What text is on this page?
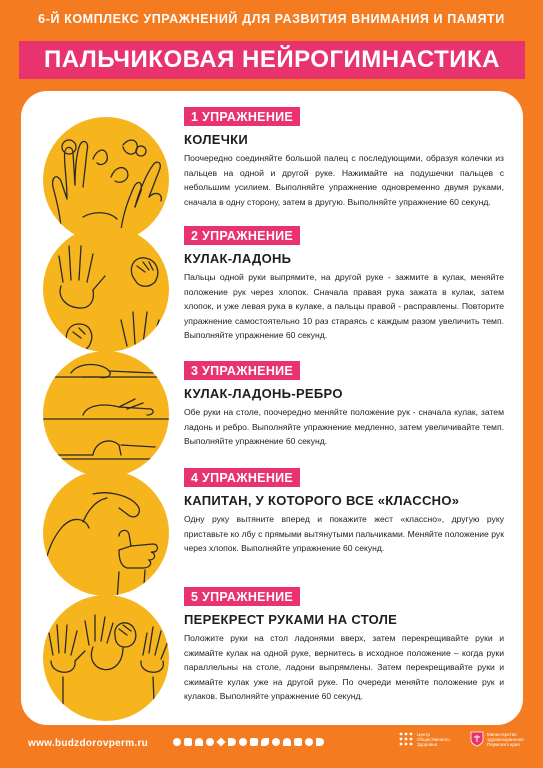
6-Й КОМПЛЕКС УПРАЖНЕНИЙ ДЛЯ РАЗВИТИЯ ВНИМАНИЯ И ПАМЯТИ
ПАЛЬЧИКОВАЯ НЕЙРОГИМНАСТИКА
1 УПРАЖНЕНИЕ
КОЛЕЧКИ
Поочередно соединяйте большой палец с последующими, образуя колечки из пальцев на одной и другой руке. Нажимайте на подушечки пальцев с небольшим усилием. Выполняйте упражнение одновременно двумя руками, сначала в одну сторону, затем в другую. Выполняйте упражнение 60 секунд.
2 УПРАЖНЕНИЕ
КУЛАК-ЛАДОНЬ
Пальцы одной руки выпрямите, на другой руке - зажмите в кулак, меняйте положение рук через хлопок. Сначала правая рука зажата в кулак, затем хлопок, и уже левая рука в кулаке, а пальцы правой - расправлены. Повторите упражнение самостоятельно 10 раз стараясь с каждым разом увеличить темп. Выполняйте упражнение 60 секунд.
3 УПРАЖНЕНИЕ
КУЛАК-ЛАДОНЬ-РЕБРО
Обе руки на столе, поочередно меняйте положение рук - сначала кулак, затем ладонь и ребро. Выполняйте упражнение медленно, затем увеличивайте темп. Выполняйте упражнение 60 секунд.
4 УПРАЖНЕНИЕ
КАПИТАН, У КОТОРОГО ВСЕ «КЛАССНО»
Одну руку вытяните вперед и покажите жест «классно», другую руку приставьте ко лбу с прямыми вытянутыми пальчиками. Меняйте положение рук через хлопок. Выполняйте упражнение 60 секунд.
5 УПРАЖНЕНИЕ
ПЕРЕКРЕСТ РУКАМИ НА СТОЛЕ
Положите руки на стол ладонями вверх, затем перекрещивайте руки и сжимайте кулак на одной руке, вернитесь в исходное положение – когда руки параллельны на столе, ладони выпрямлены. Затем перекрещивайте руки и сжимайте кулак уже на другой руке. По очереди меняйте положение рук и кулаков. Выполняйте упражнение 60 секунд.
www.budzdorovperm.ru
Центр Общественного Здоровья
Министерство здравоохранения Пермского края
